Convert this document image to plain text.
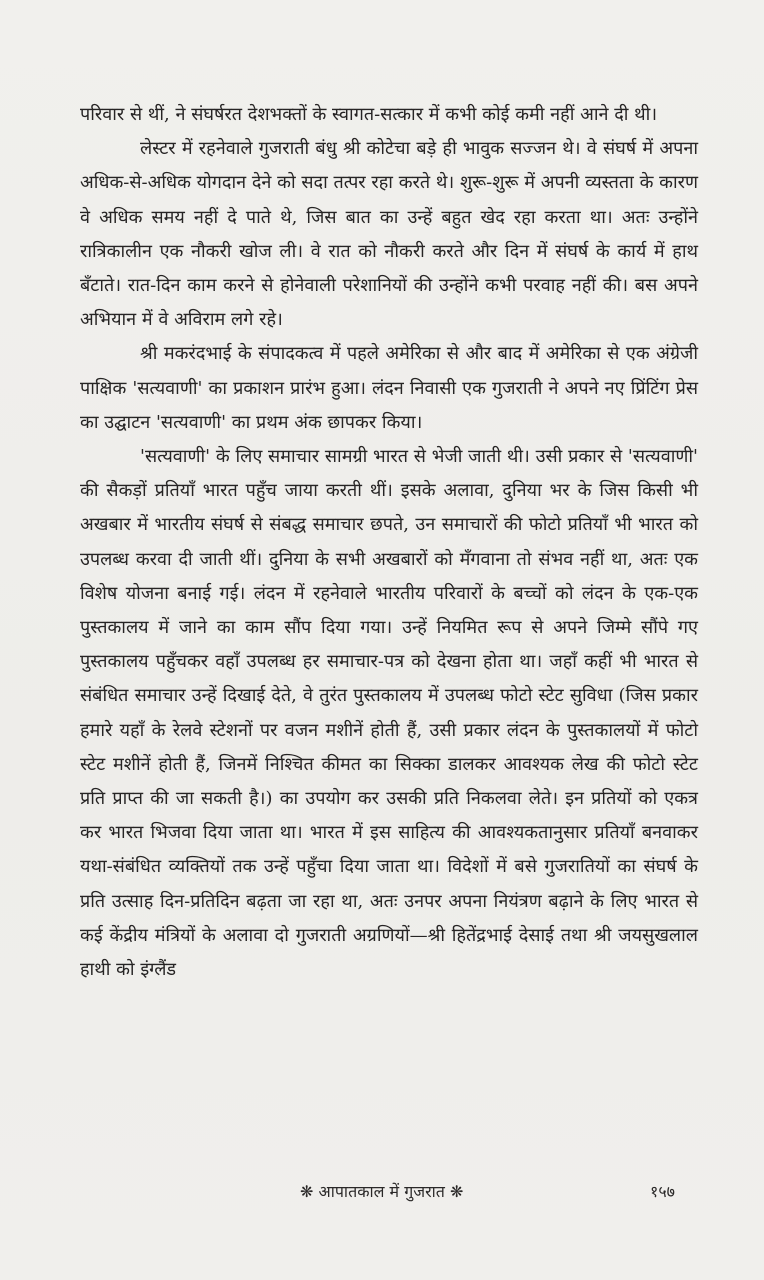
परिवार से थीं, ने संघर्षरत देशभक्तों के स्वागत-सत्कार में कभी कोई कमी नहीं आने दी थी।

लेस्टर में रहनेवाले गुजराती बंधु श्री कोटेचा बड़े ही भावुक सज्जन थे। वे संघर्ष में अपना अधिक-से-अधिक योगदान देने को सदा तत्पर रहा करते थे। शुरू-शुरू में अपनी व्यस्तता के कारण वे अधिक समय नहीं दे पाते थे, जिस बात का उन्हें बहुत खेद रहा करता था। अतः उन्होंने रात्रिकालीन एक नौकरी खोज ली। वे रात को नौकरी करते और दिन में संघर्ष के कार्य में हाथ बँटाते। रात-दिन काम करने से होनेवाली परेशानियों की उन्होंने कभी परवाह नहीं की। बस अपने अभियान में वे अविराम लगे रहे।

श्री मकरंदभाई के संपादकत्व में पहले अमेरिका से और बाद में अमेरिका से एक अंग्रेजी पाक्षिक 'सत्यवाणी' का प्रकाशन प्रारंभ हुआ। लंदन निवासी एक गुजराती ने अपने नए प्रिंटिंग प्रेस का उद्घाटन 'सत्यवाणी' का प्रथम अंक छापकर किया।

'सत्यवाणी' के लिए समाचार सामग्री भारत से भेजी जाती थी। उसी प्रकार से 'सत्यवाणी' की सैकड़ों प्रतियाँ भारत पहुँच जाया करती थीं। इसके अलावा, दुनिया भर के जिस किसी भी अखबार में भारतीय संघर्ष से संबद्ध समाचार छपते, उन समाचारों की फोटो प्रतियाँ भी भारत को उपलब्ध करवा दी जाती थीं। दुनिया के सभी अखबारों को मँगवाना तो संभव नहीं था, अतः एक विशेष योजना बनाई गई। लंदन में रहनेवाले भारतीय परिवारों के बच्चों को लंदन के एक-एक पुस्तकालय में जाने का काम सौंप दिया गया। उन्हें नियमित रूप से अपने जिम्मे सौंपे गए पुस्तकालय पहुँचकर वहाँ उपलब्ध हर समाचार-पत्र को देखना होता था। जहाँ कहीं भी भारत से संबंधित समाचार उन्हें दिखाई देते, वे तुरंत पुस्तकालय में उपलब्ध फोटो स्टेट सुविधा (जिस प्रकार हमारे यहाँ के रेलवे स्टेशनों पर वजन मशीनें होती हैं, उसी प्रकार लंदन के पुस्तकालयों में फोटो स्टेट मशीनें होती हैं, जिनमें निश्चित कीमत का सिक्का डालकर आवश्यक लेख की फोटो स्टेट प्रति प्राप्त की जा सकती है।) का उपयोग कर उसकी प्रति निकलवा लेते। इन प्रतियों को एकत्र कर भारत भिजवा दिया जाता था। भारत में इस साहित्य की आवश्यकतानुसार प्रतियाँ बनवाकर यथा-संबंधित व्यक्तियों तक उन्हें पहुँचा दिया जाता था। विदेशों में बसे गुजरातियों का संघर्ष के प्रति उत्साह दिन-प्रतिदिन बढ़ता जा रहा था, अतः उनपर अपना नियंत्रण बढ़ाने के लिए भारत से कई केंद्रीय मंत्रियों के अलावा दो गुजराती अग्रणियों—श्री हितेंद्रभाई देसाई तथा श्री जयसुखलाल हाथी को इंग्लैंड

❋ आपातकाल में गुजरात ❋	१५७
